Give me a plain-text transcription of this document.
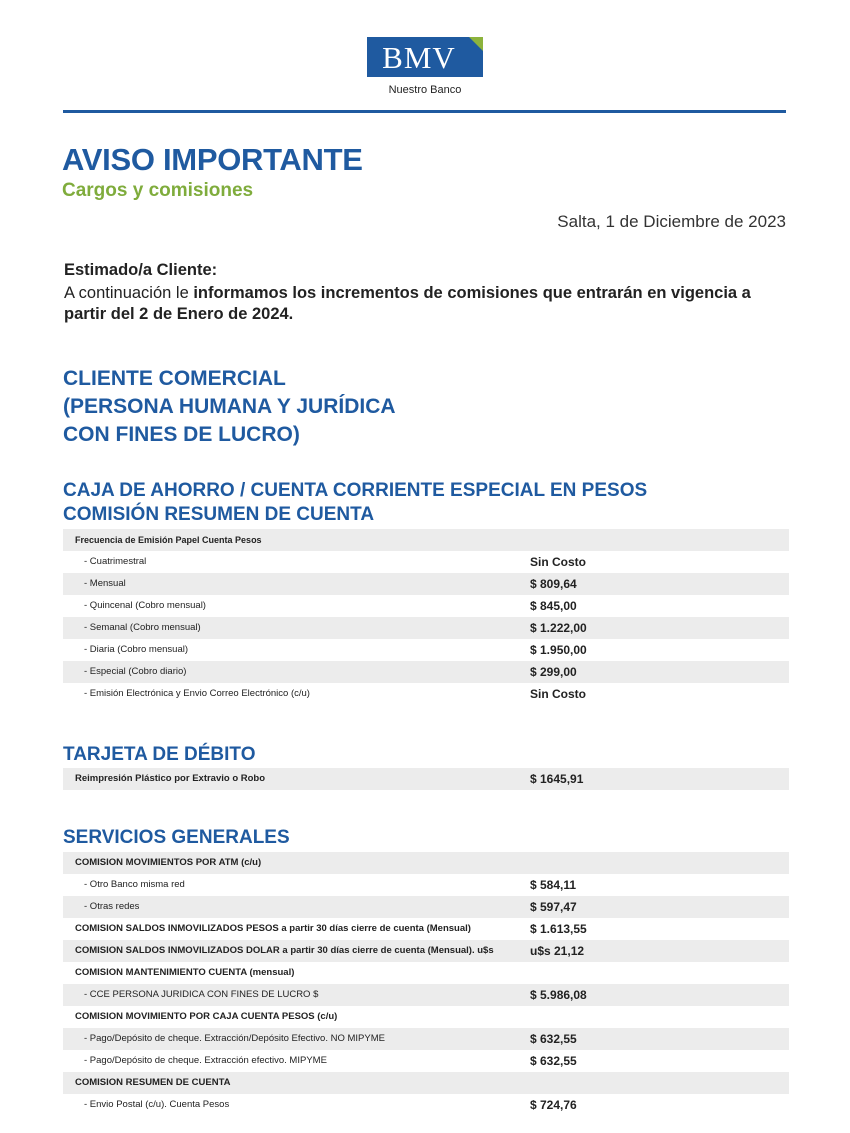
BMV
Nuestro Banco
AVISO IMPORTANTE
Cargos y comisiones
Salta, 1 de Diciembre de 2023
Estimado/a Cliente:
A continuación le informamos los incrementos de comisiones que entrarán en vigencia a partir del 2 de Enero de 2024.
CLIENTE COMERCIAL
(PERSONA HUMANA Y JURÍDICA
CON FINES DE LUCRO)
CAJA DE AHORRO / CUENTA CORRIENTE ESPECIAL EN PESOS
COMISIÓN RESUMEN DE CUENTA
Frecuencia de Emisión Papel Cuenta Pesos
- Cuatrimestral	Sin Costo
- Mensual	$ 809,64
- Quincenal (Cobro mensual)	$ 845,00
- Semanal (Cobro mensual)	$ 1.222,00
- Diaria (Cobro mensual)	$ 1.950,00
- Especial (Cobro diario)	$ 299,00
- Emisión Electrónica y Envio Correo Electrónico (c/u)	Sin Costo
TARJETA DE DÉBITO
Reimpresión Plástico por Extravio o Robo	$ 1645,91
SERVICIOS GENERALES
COMISION MOVIMIENTOS POR ATM (c/u)
- Otro Banco misma red	$ 584,11
- Otras redes	$ 597,47
COMISION SALDOS INMOVILIZADOS PESOS a partir 30 días cierre de cuenta (Mensual)	$ 1.613,55
COMISION SALDOS INMOVILIZADOS DOLAR a partir 30 días cierre de cuenta (Mensual). u$s	u$s 21,12
COMISION MANTENIMIENTO CUENTA (mensual)
- CCE PERSONA JURIDICA CON FINES DE LUCRO $	$ 5.986,08
COMISION MOVIMIENTO POR CAJA CUENTA PESOS (c/u)
- Pago/Depósito de cheque. Extracción/Depósito Efectivo. NO MIPYME	$ 632,55
- Pago/Depósito de cheque. Extracción efectivo. MIPYME	$ 632,55
COMISION RESUMEN DE CUENTA
- Envio Postal (c/u). Cuenta Pesos	$ 724,76
